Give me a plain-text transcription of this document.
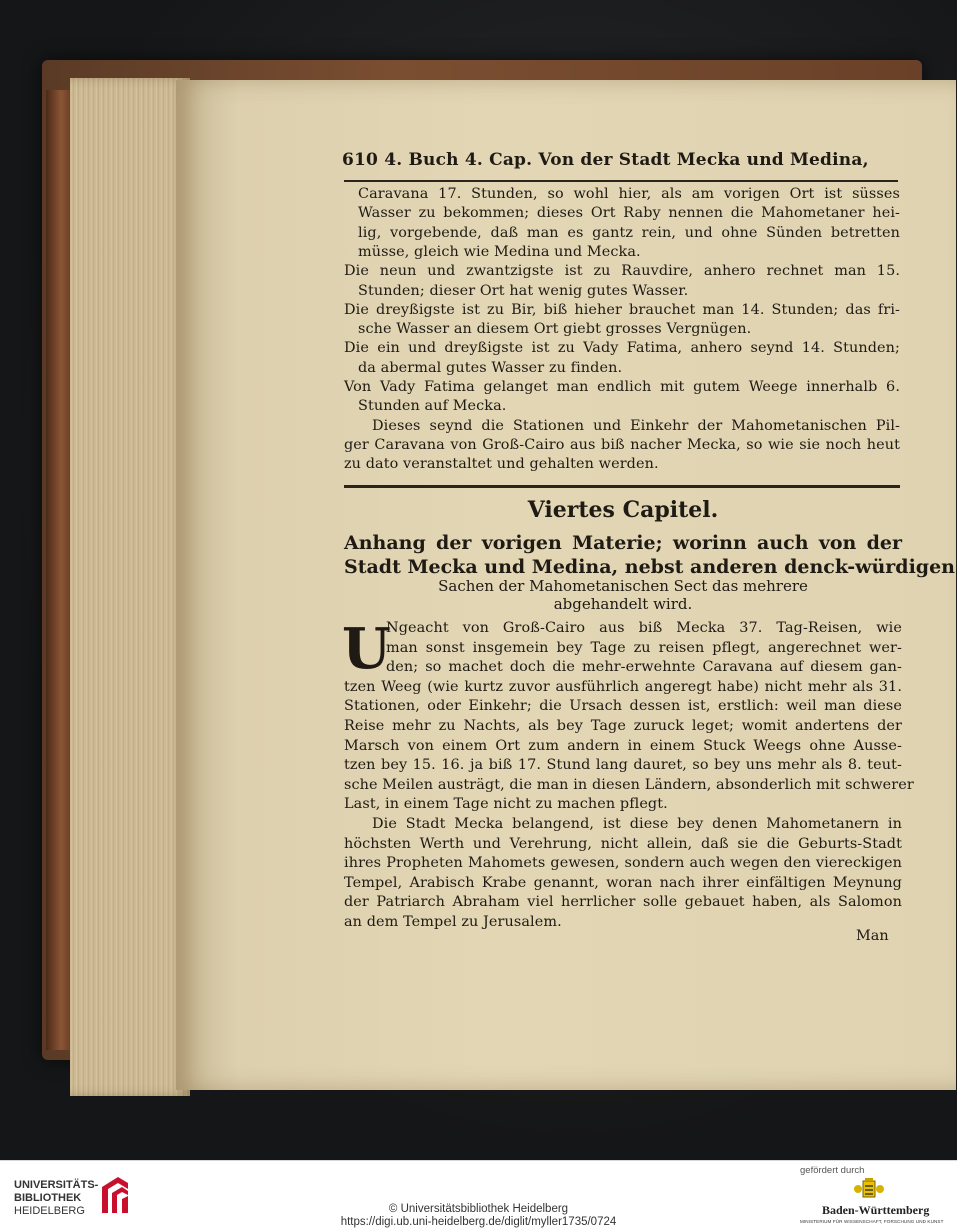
610 4. Buch 4. Cap. Von der Stadt Mecka und Medina,
Caravana 17. Stunden, so wohl hier, als am vorigen Ort ist süsses
Wasser zu bekommen; dieses Ort Raby nennen die Mahometaner hei-
lig, vorgebende, daß man es gantz rein, und ohne Sünden betretten
müsse, gleich wie Medina und Mecka.
Die neun und zwantzigste ist zu Rauvdire, anhero rechnet man 15.
Stunden; dieser Ort hat wenig gutes Wasser.
Die dreyßigste ist zu Bir, biß hieher brauchet man 14. Stunden; das fri-
sche Wasser an diesem Ort giebt grosses Vergnügen.
Die ein und dreyßigste ist zu Vady Fatima, anhero seynd 14. Stunden;
da abermal gutes Wasser zu finden.
Von Vady Fatima gelanget man endlich mit gutem Weege innerhalb 6.
Stunden auf Mecka.
Dieses seynd die Stationen und Einkehr der Mahometanischen Pil-
ger Caravana von Groß-Cairo aus biß nacher Mecka, so wie sie noch heut
zu dato veranstaltet und gehalten werden.
Viertes Capitel.
Anhang der vorigen Materie; worinn auch von der
Stadt Mecka und Medina, nebst anderen denck-würdigen
Sachen der Mahometanischen Sect das mehrere
abgehandelt wird.
U
Ngeacht von Groß-Cairo aus biß Mecka 37. Tag-Reisen, wie
man sonst insgemein bey Tage zu reisen pflegt, angerechnet wer-
den; so machet doch die mehr-erwehnte Caravana auf diesem gan-
tzen Weeg (wie kurtz zuvor ausführlich angeregt habe) nicht mehr als 31.
Stationen, oder Einkehr; die Ursach dessen ist, erstlich: weil man diese
Reise mehr zu Nachts, als bey Tage zuruck leget; womit andertens der
Marsch von einem Ort zum andern in einem Stuck Weegs ohne Ausse-
tzen bey 15. 16. ja biß 17. Stund lang dauret, so bey uns mehr als 8. teut-
sche Meilen austrägt, die man in diesen Ländern, absonderlich mit schwerer
Last, in einem Tage nicht zu machen pflegt.
Die Stadt Mecka belangend, ist diese bey denen Mahometanern in
höchsten Werth und Verehrung, nicht allein, daß sie die Geburts-Stadt
ihres Propheten Mahomets gewesen, sondern auch wegen den viereckigen
Tempel, Arabisch Krabe genannt, woran nach ihrer einfältigen Meynung
der Patriarch Abraham viel herrlicher solle gebauet haben, als Salomon
an dem Tempel zu Jerusalem.
Man
UNIVERSITÄTS-
BIBLIOTHEK
HEIDELBERG	© Universitätsbibliothek Heidelberg
https://digi.ub.uni-heidelberg.de/diglit/myller1735/0724
gefördert durch
Baden-Württemberg
MINISTERIUM FÜR WISSENSCHAFT, FORSCHUNG UND KUNST
